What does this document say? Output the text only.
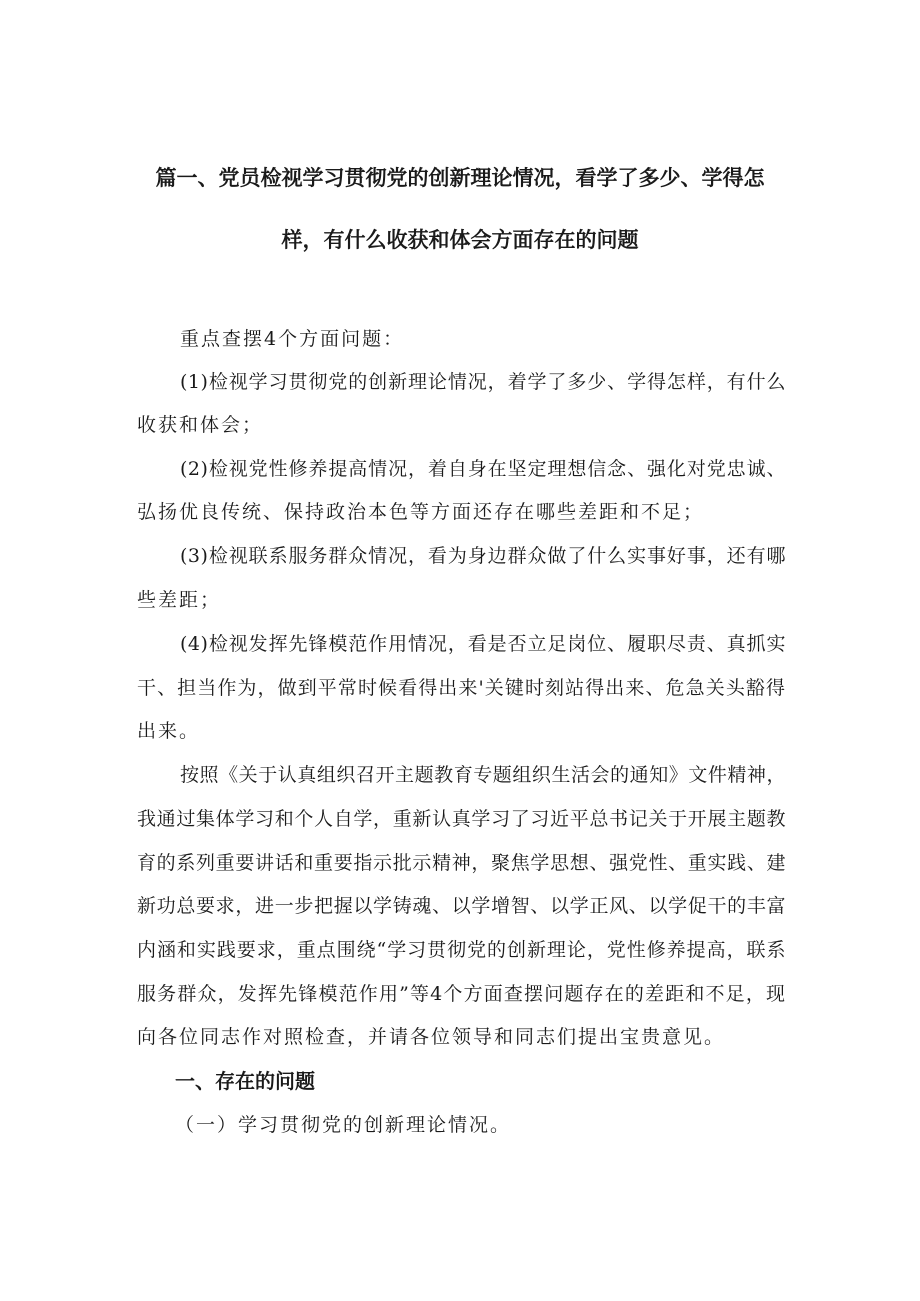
篇一、党员检视学习贯彻党的创新理论情况，看学了多少、学得怎
样，有什么收获和体会方面存在的问题
重点查摆4个方面问题：
(1)检视学习贯彻党的创新理论情况，着学了多少、学得怎样，有什么
收获和体会；
(2)检视党性修养提高情况，着自身在坚定理想信念、强化对党忠诚、
弘扬优良传统、保持政治本色等方面还存在哪些差距和不足；
(3)检视联系服务群众情况，看为身边群众做了什么实事好事，还有哪
些差距；
(4)检视发挥先锋模范作用情况，看是否立足岗位、履职尽责、真抓实
干、担当作为，做到平常时候看得出来'关键时刻站得出来、危急关头豁得
出来。
按照《关于认真组织召开主题教育专题组织生活会的通知》文件精神，
我通过集体学习和个人自学，重新认真学习了习近平总书记关于开展主题教
育的系列重要讲话和重要指示批示精神，聚焦学思想、强党性、重实践、建
新功总要求，进一步把握以学铸魂、以学增智、以学正风、以学促干的丰富
内涵和实践要求，重点围绕“学习贯彻党的创新理论，党性修养提高，联系
服务群众，发挥先锋模范作用”等4个方面查摆问题存在的差距和不足，现
向各位同志作对照检查，并请各位领导和同志们提出宝贵意见。
一、存在的问题
（一）学习贯彻党的创新理论情况。
